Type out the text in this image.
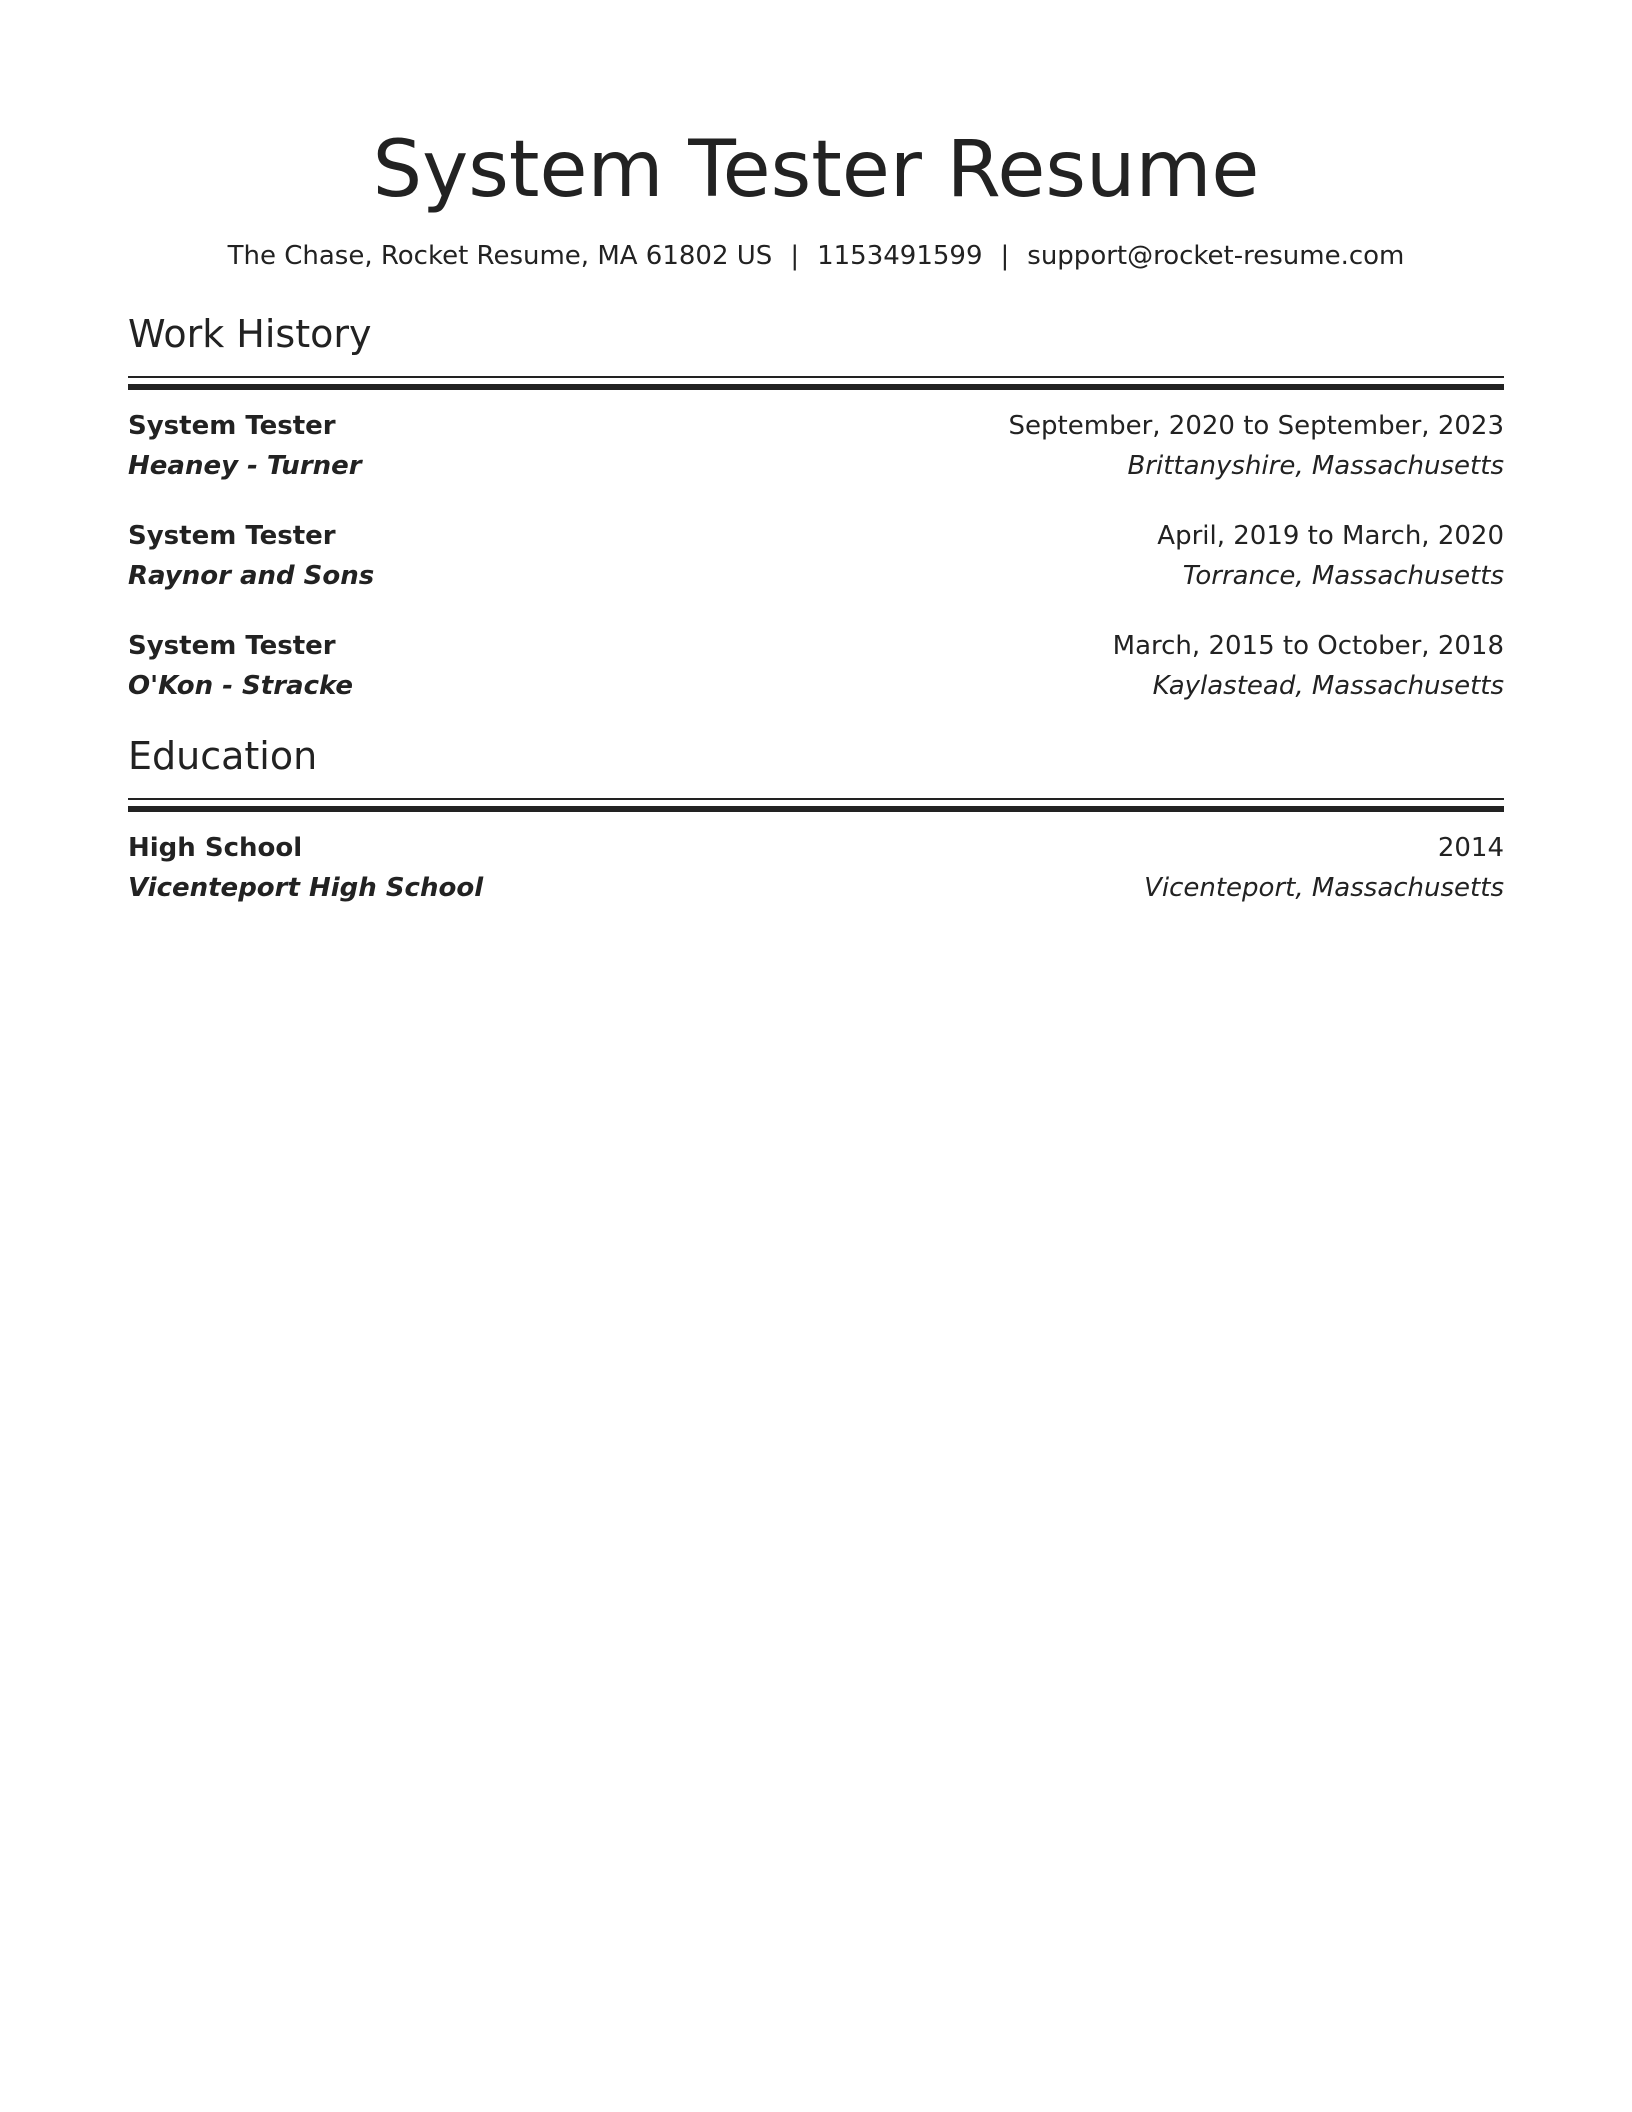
System Tester Resume
The Chase, Rocket Resume, MA 61802 US | 1153491599 | support@rocket-resume.com
Work History
System Tester	September, 2020 to September, 2023
Heaney - Turner	Brittanyshire, Massachusetts
System Tester	April, 2019 to March, 2020
Raynor and Sons	Torrance, Massachusetts
System Tester	March, 2015 to October, 2018
O'Kon - Stracke	Kaylastead, Massachusetts
Education
High School	2014
Vicenteport High School	Vicenteport, Massachusetts
